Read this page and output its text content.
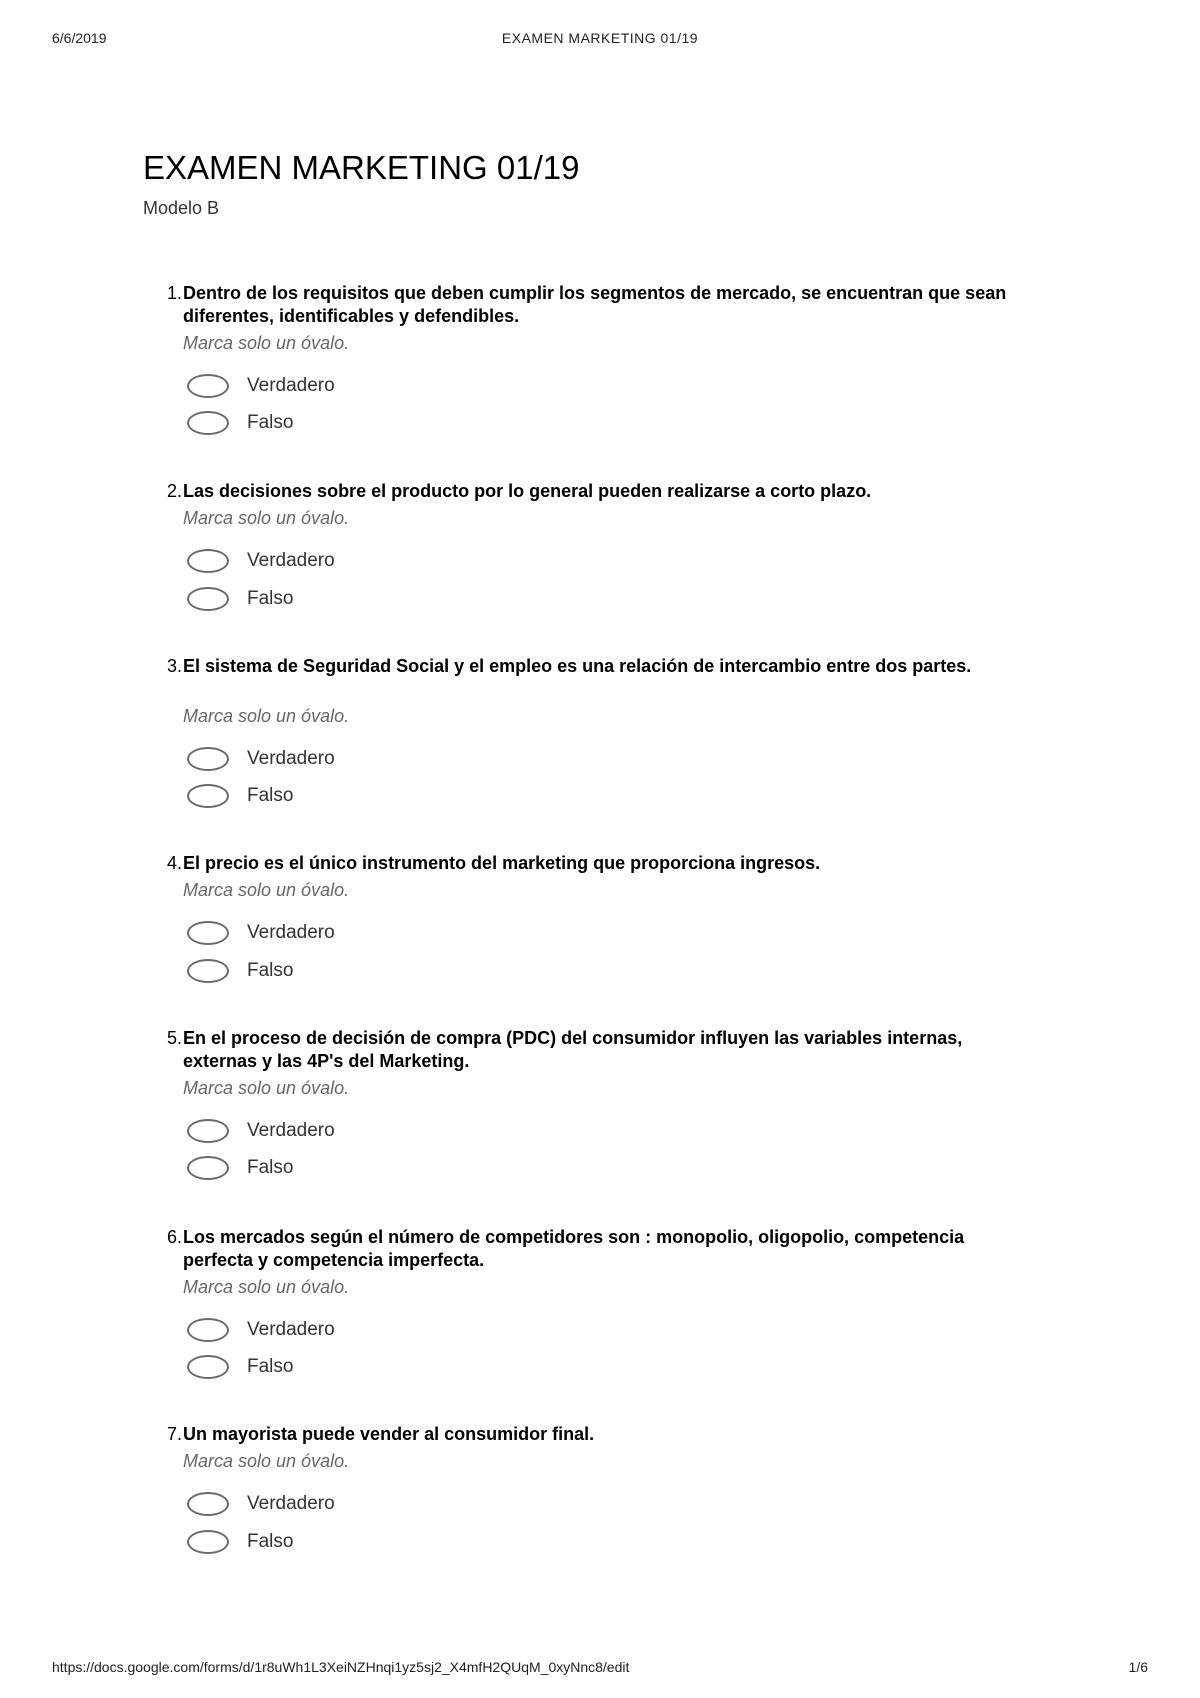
6/6/2019	EXAMEN MARKETING 01/19
EXAMEN MARKETING 01/19
Modelo B
1. Dentro de los requisitos que deben cumplir los segmentos de mercado, se encuentran que sean diferentes, identificables y defendibles.
Marca solo un óvalo.
Verdadero
Falso
2. Las decisiones sobre el producto por lo general pueden realizarse a corto plazo.
Marca solo un óvalo.
Verdadero
Falso
3. El sistema de Seguridad Social y el empleo es una relación de intercambio entre dos partes.
Marca solo un óvalo.
Verdadero
Falso
4. El precio es el único instrumento del marketing que proporciona ingresos.
Marca solo un óvalo.
Verdadero
Falso
5. En el proceso de decisión de compra (PDC) del consumidor influyen las variables internas, externas y las 4P's del Marketing.
Marca solo un óvalo.
Verdadero
Falso
6. Los mercados según el número de competidores son : monopolio, oligopolio, competencia perfecta y competencia imperfecta.
Marca solo un óvalo.
Verdadero
Falso
7. Un mayorista puede vender al consumidor final.
Marca solo un óvalo.
Verdadero
Falso
https://docs.google.com/forms/d/1r8uWh1L3XeiNZHnqi1yz5sj2_X4mfH2QUqM_0xyNnc8/edit	1/6
